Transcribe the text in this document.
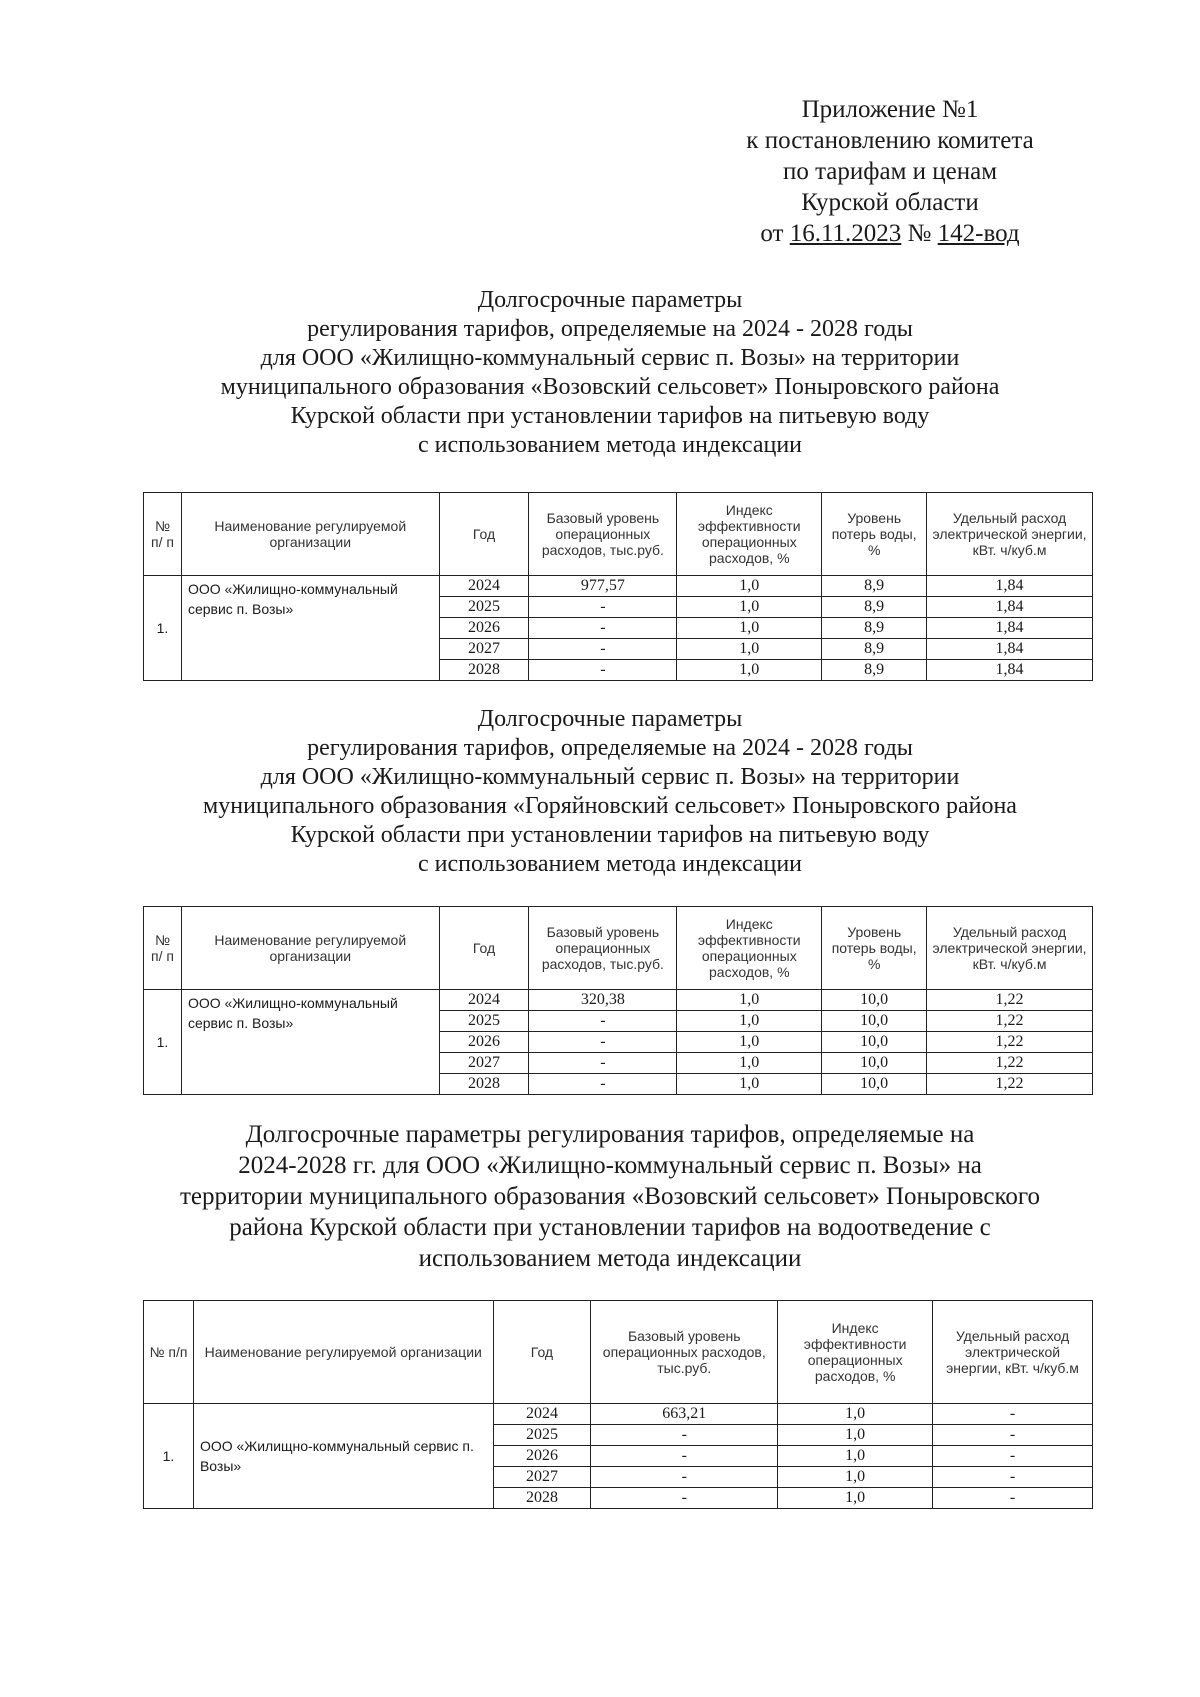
Приложение №1
к постановлению комитета
по тарифам и ценам
Курской области
от 16.11.2023 № 142-вод
Долгосрочные параметры
регулирования тарифов, определяемые на 2024 - 2028 годы
для ООО «Жилищно-коммунальный сервис п. Возы» на территории
муниципального образования «Возовский сельсовет» Поныровского района
Курской области при установлении тарифов на питьевую воду
с использованием метода индексации
№ п/ п	Наименование регулируемой организации	Год	Базовый уровень операционных расходов, тыс.руб.	Индекс эффективности операционных расходов, %	Уровень потерь воды, %	Удельный расход электрической энергии, кВт. ч/куб.м
1.	ООО «Жилищно-коммунальный сервис п. Возы»	2024	977,57	1,0	8,9	1,84
		2025	-	1,0	8,9	1,84
		2026	-	1,0	8,9	1,84
		2027	-	1,0	8,9	1,84
		2028	-	1,0	8,9	1,84
Долгосрочные параметры
регулирования тарифов, определяемые на 2024 - 2028 годы
для ООО «Жилищно-коммунальный сервис п. Возы» на территории
муниципального образования «Горяйновский сельсовет» Поныровского района
Курской области при установлении тарифов на питьевую воду
с использованием метода индексации
№ п/ п	Наименование регулируемой организации	Год	Базовый уровень операционных расходов, тыс.руб.	Индекс эффективности операционных расходов, %	Уровень потерь воды, %	Удельный расход электрической энергии, кВт. ч/куб.м
1.	ООО «Жилищно-коммунальный сервис п. Возы»	2024	320,38	1,0	10,0	1,22
		2025	-	1,0	10,0	1,22
		2026	-	1,0	10,0	1,22
		2027	-	1,0	10,0	1,22
		2028	-	1,0	10,0	1,22
Долгосрочные параметры регулирования тарифов, определяемые на
2024-2028 гг. для ООО «Жилищно-коммунальный сервис п. Возы» на
территории муниципального образования «Возовский сельсовет» Поныровского
района Курской области при установлении тарифов на водоотведение с
использованием метода индексации
№ п/п	Наименование регулируемой организации	Год	Базовый уровень операционных расходов, тыс.руб.	Индекс эффективности операционных расходов, %	Удельный расход электрической энергии, кВт. ч/куб.м
1.	ООО «Жилищно-коммунальный сервис п. Возы»	2024	663,21	1,0	-
		2025	-	1,0	-
		2026	-	1,0	-
		2027	-	1,0	-
		2028	-	1,0	-
